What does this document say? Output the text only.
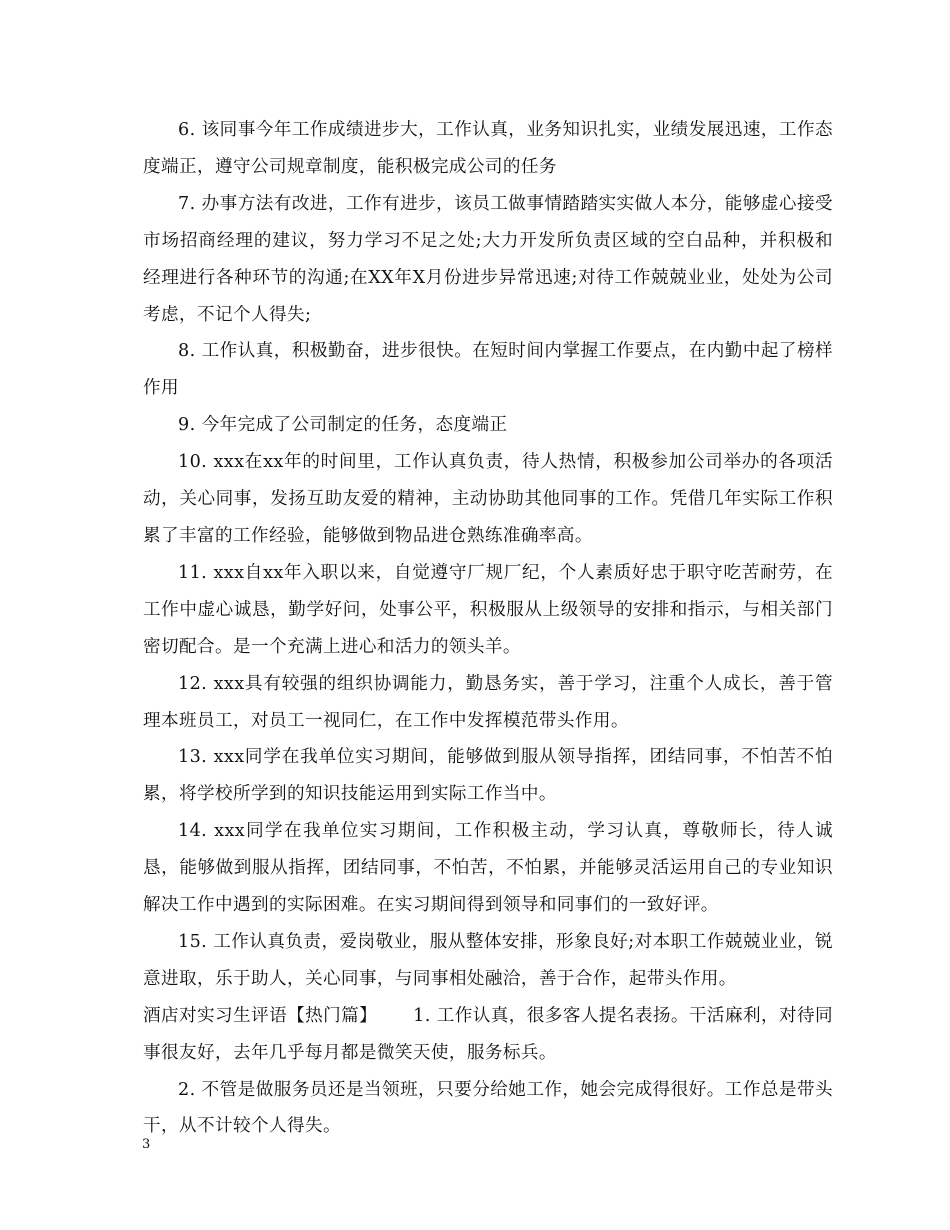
6. 该同事今年工作成绩进步大，工作认真，业务知识扎实，业绩发展迅速，工作态度端正，遵守公司规章制度，能积极完成公司的任务

7. 办事方法有改进，工作有进步，该员工做事情踏踏实实做人本分，能够虚心接受市场招商经理的建议，努力学习不足之处;大力开发所负责区域的空白品种，并积极和经理进行各种环节的沟通;在XX年X月份进步异常迅速;对待工作兢兢业业，处处为公司考虑，不记个人得失;

8. 工作认真，积极勤奋，进步很快。在短时间内掌握工作要点，在内勤中起了榜样作用

9. 今年完成了公司制定的任务，态度端正

10. xxx在xx年的时间里，工作认真负责，待人热情，积极参加公司举办的各项活动，关心同事，发扬互助友爱的精神，主动协助其他同事的工作。凭借几年实际工作积累了丰富的工作经验，能够做到物品进仓熟练准确率高。

11. xxx自xx年入职以来，自觉遵守厂规厂纪，个人素质好忠于职守吃苦耐劳，在工作中虚心诚恳，勤学好问，处事公平，积极服从上级领导的安排和指示，与相关部门密切配合。是一个充满上进心和活力的领头羊。

12. xxx具有较强的组织协调能力，勤恳务实，善于学习，注重个人成长，善于管理本班员工，对员工一视同仁，在工作中发挥模范带头作用。

13. xxx同学在我单位实习期间，能够做到服从领导指挥，团结同事，不怕苦不怕累，将学校所学到的知识技能运用到实际工作当中。

14. xxx同学在我单位实习期间，工作积极主动，学习认真，尊敬师长，待人诚恳，能够做到服从指挥，团结同事，不怕苦，不怕累，并能够灵活运用自己的专业知识解决工作中遇到的实际困难。在实习期间得到领导和同事们的一致好评。

15. 工作认真负责，爱岗敬业，服从整体安排，形象良好;对本职工作兢兢业业，锐意进取，乐于助人，关心同事，与同事相处融洽，善于合作，起带头作用。

酒店对实习生评语【热门篇】 1. 工作认真，很多客人提名表扬。干活麻利，对待同事很友好，去年几乎每月都是微笑天使，服务标兵。

2. 不管是做服务员还是当领班，只要分给她工作，她会完成得很好。工作总是带头干，从不计较个人得失。

3
